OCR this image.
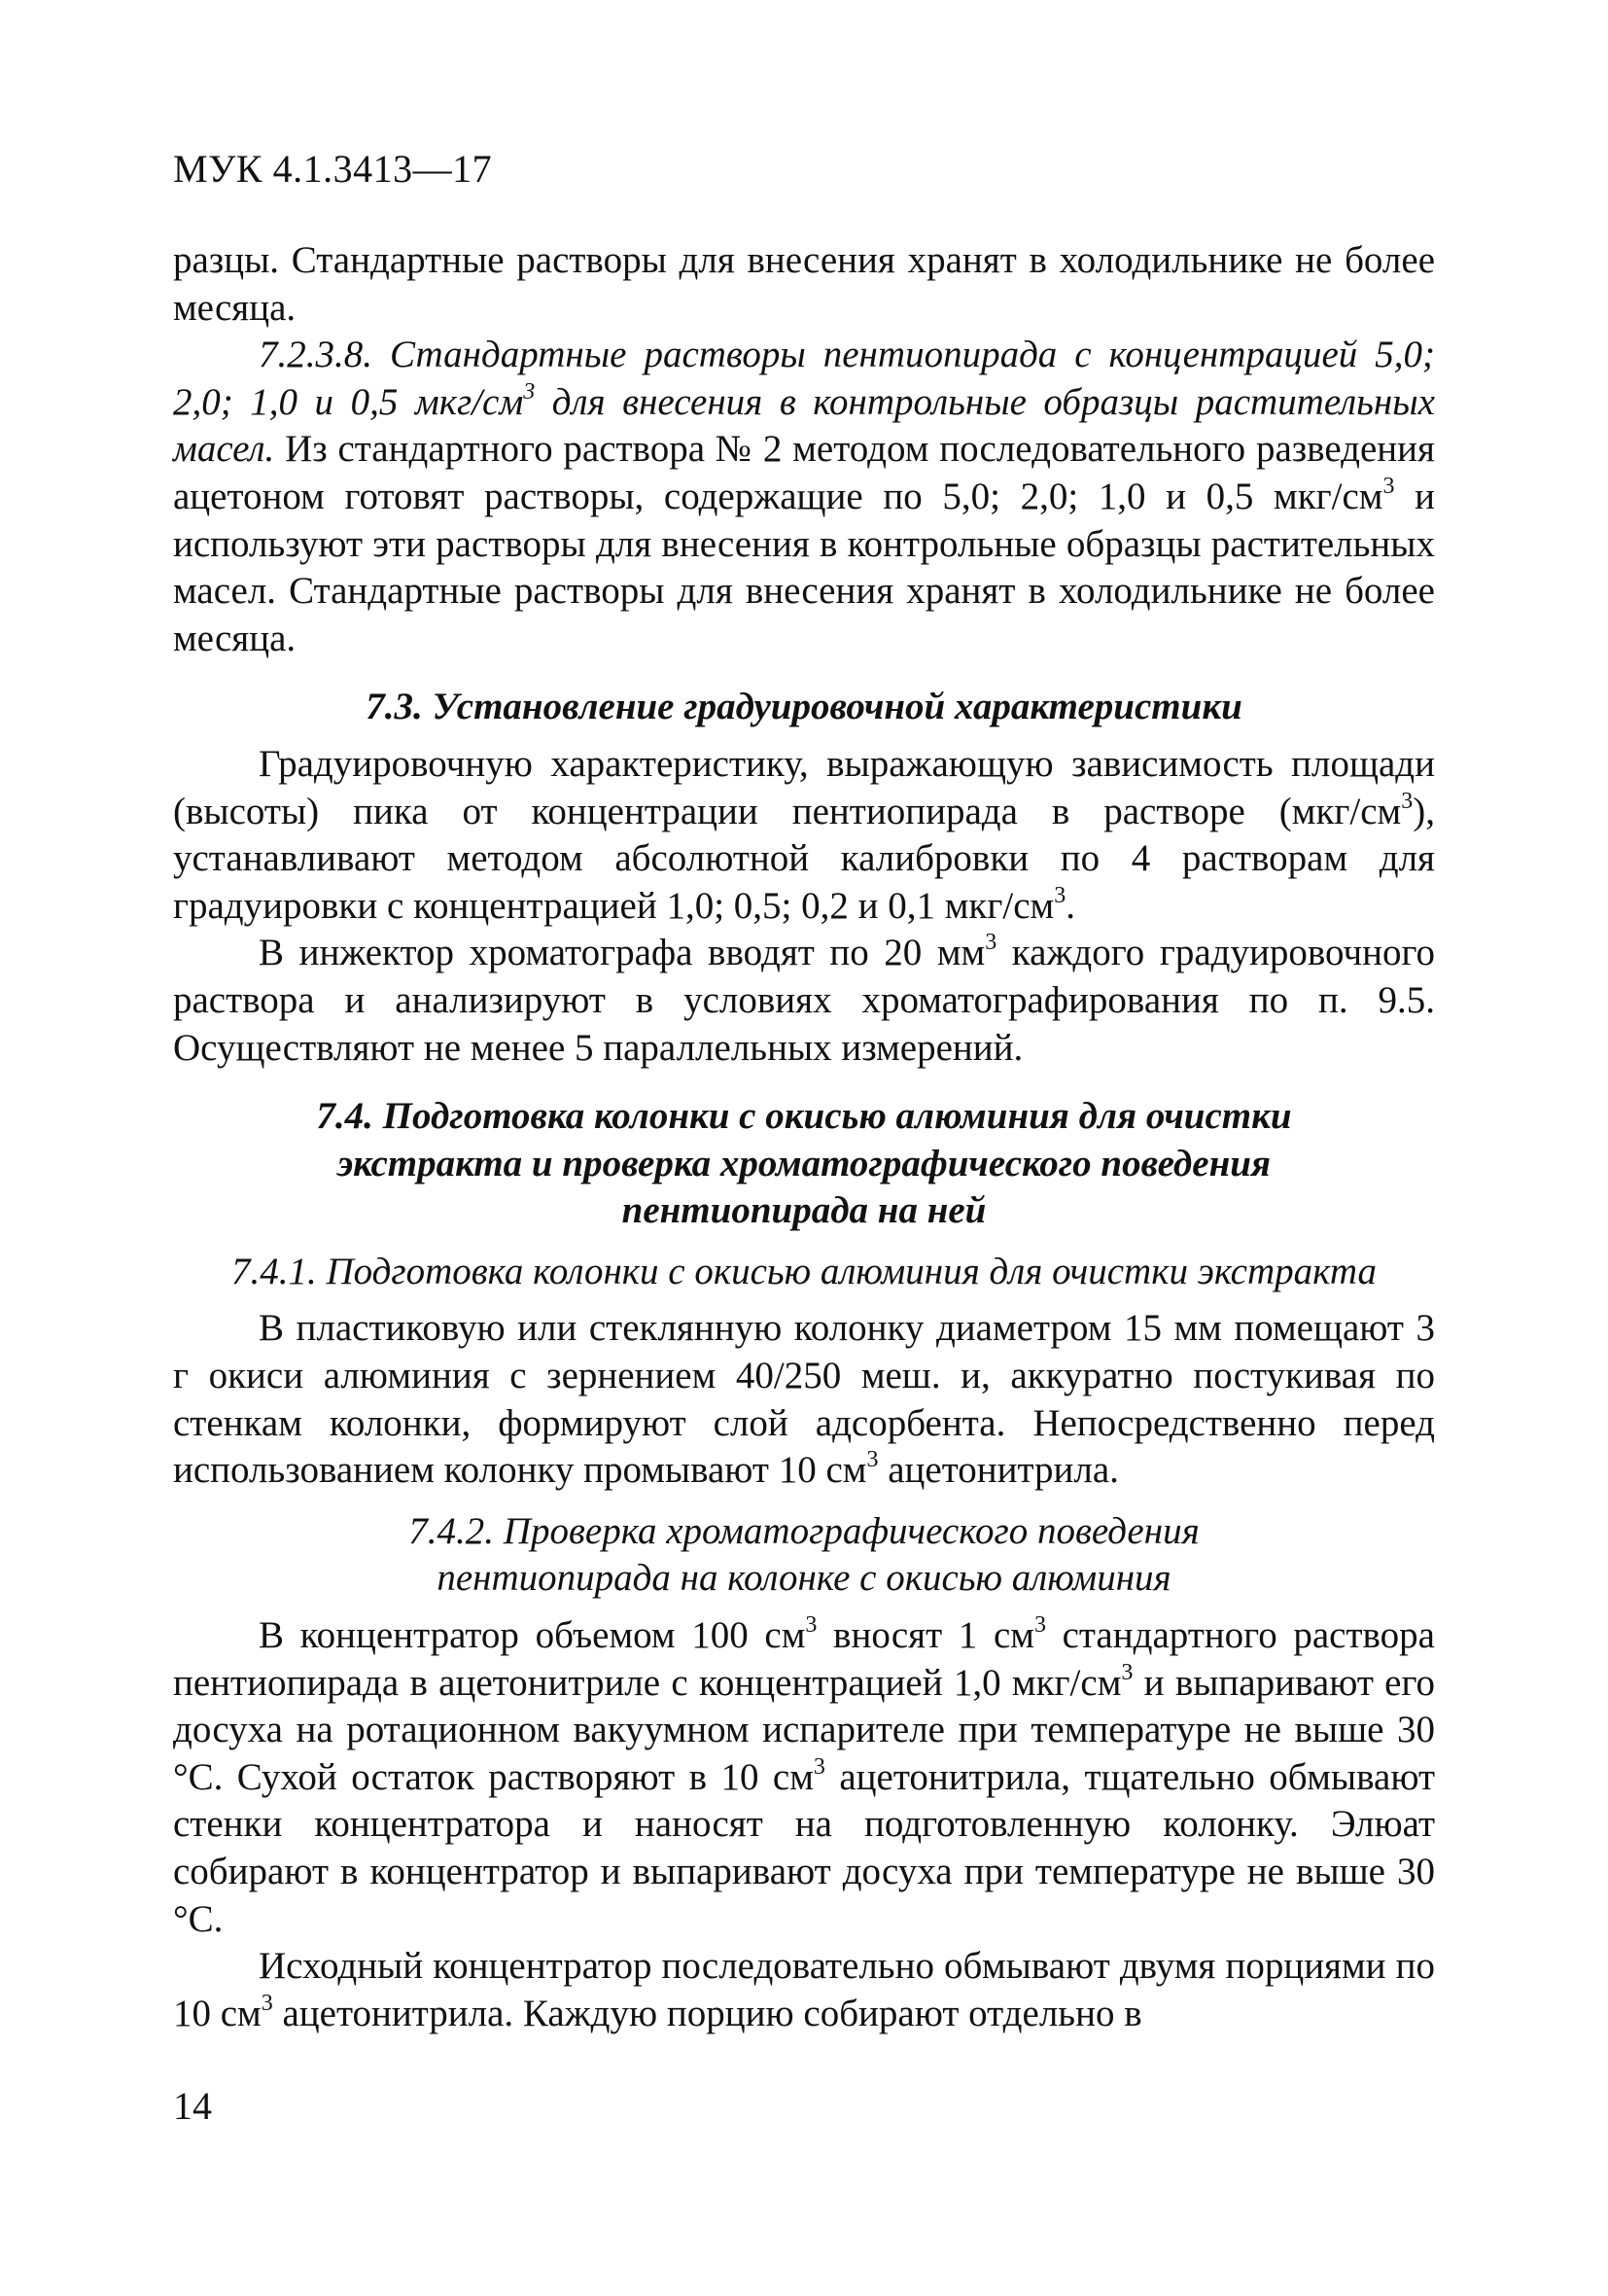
МУК 4.1.3413—17

разцы. Стандартные растворы для внесения хранят в холодильнике не более месяца.

7.2.3.8. Стандартные растворы пентиопирада с концентрацией 5,0; 2,0; 1,0 и 0,5 мкг/$см^3$ для внесения в контрольные образцы растительных масел. Из стандартного раствора № 2 методом последовательного разведения ацетоном готовят растворы, содержащие по 5,0; 2,0; 1,0 и 0,5 мкг/$см^3$ и используют эти растворы для внесения в контрольные образцы растительных масел. Стандартные растворы для внесения хранят в холодильнике не более месяца.

7.3. Установление градуировочной характеристики

Градуировочную характеристику, выражающую зависимость площади (высоты) пика от концентрации пентиопирада в растворе $(мкг/см^3)$, устанавливают методом абсолютной калибровки по 4 растворам для градуировки с концентрацией 1,0; 0,5; 0,2 и 0,1 мкг/$см^3$.

В инжектор хроматографа вводят по 20 $мм^3$ каждого градуировочного раствора и анализируют в условиях хроматографирования по п. 9.5. Осуществляют не менее 5 параллельных измерений.

7.4. Подготовка колонки с окисью алюминия для очистки

экстракта и проверка хроматографического поведения

пентиопирада на ней

7.4.1. Подготовка колонки с окисью алюминия для очистки экстракта

В пластиковую или стеклянную колонку диаметром 15 мм помещают 3 г окиси алюминия с зернением 40/250 меш. и, аккуратно постукивая по стенкам колонки, формируют слой адсорбента. Непосредственно перед использованием колонку промывают 10 $см^3$ ацетонитрила.

7.4.2. Проверка хроматографического поведения

пентиопирада на колонке с окисью алюминия

В концентратор объемом 100 $см^3$ вносят 1 $см^3$ стандартного раствора пентиопирада в ацетонитриле с концентрацией 1,0 мкг/$см^3$ и выпаривают его досуха на ротационном вакуумном испарителе при температуре не выше 30 °С. Сухой остаток растворяют в 10 $см^3$ ацетонитрила, тщательно обмывают стенки концентратора и наносят на подготовленную колонку. Элюат собирают в концентратор и выпаривают досуха при температуре не выше 30 °С.

Исходный концентратор последовательно обмывают двумя порциями по 10 $см^3$ ацетонитрила. Каждую порцию собирают отдельно в

14
